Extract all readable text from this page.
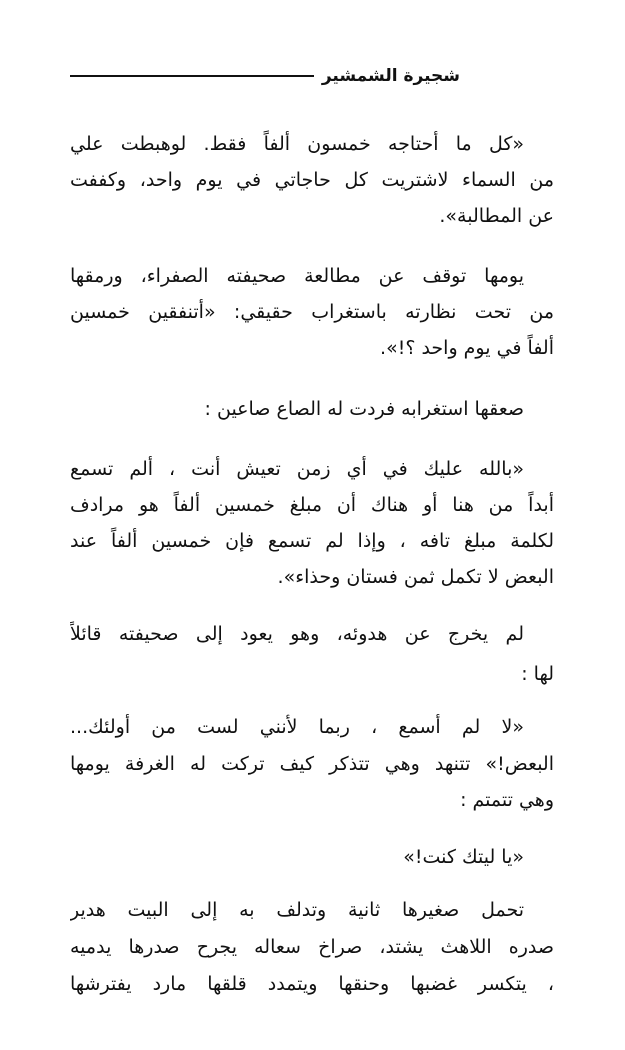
شجيرة الشمشير
«كل ما أحتاجه خمسون ألفاً فقط. لوهبطت علي
من السماء لاشتريت كل حاجاتي في يوم واحد، وكففت
عن المطالبة».
يومها توقف عن مطالعة صحيفته الصفراء، ورمقها
من تحت نظارته باستغراب حقيقي: «أتنفقين خمسين
ألفاً في يوم واحد ؟!».
صعقها استغرابه فردت له الصاع صاعين :
«بالله عليك في أي زمن تعيش أنت ، ألم تسمع
أبداً من هنا أو هناك أن مبلغ خمسين ألفاً هو مرادف
لكلمة مبلغ تافه ، وإذا لم تسمع فإن خمسين ألفاً عند
البعض لا تكمل ثمن فستان وحذاء».
لم يخرج عن هدوئه، وهو يعود إلى صحيفته قائلاً
لها :
«لا لم أسمع ، ربما لأنني لست من أولئك...
البعض!» تتنهد وهي تتذكر كيف تركت له الغرفة يومها
وهي تتمتم :
«يا ليتك كنت!»
تحمل صغيرها ثانية وتدلف به إلى البيت هدير
صدره اللاهث يشتد، صراخ سعاله يجرح صدرها يدميه
، يتكسر غضبها وحنقها ويتمدد قلقها مارد يفترشها
